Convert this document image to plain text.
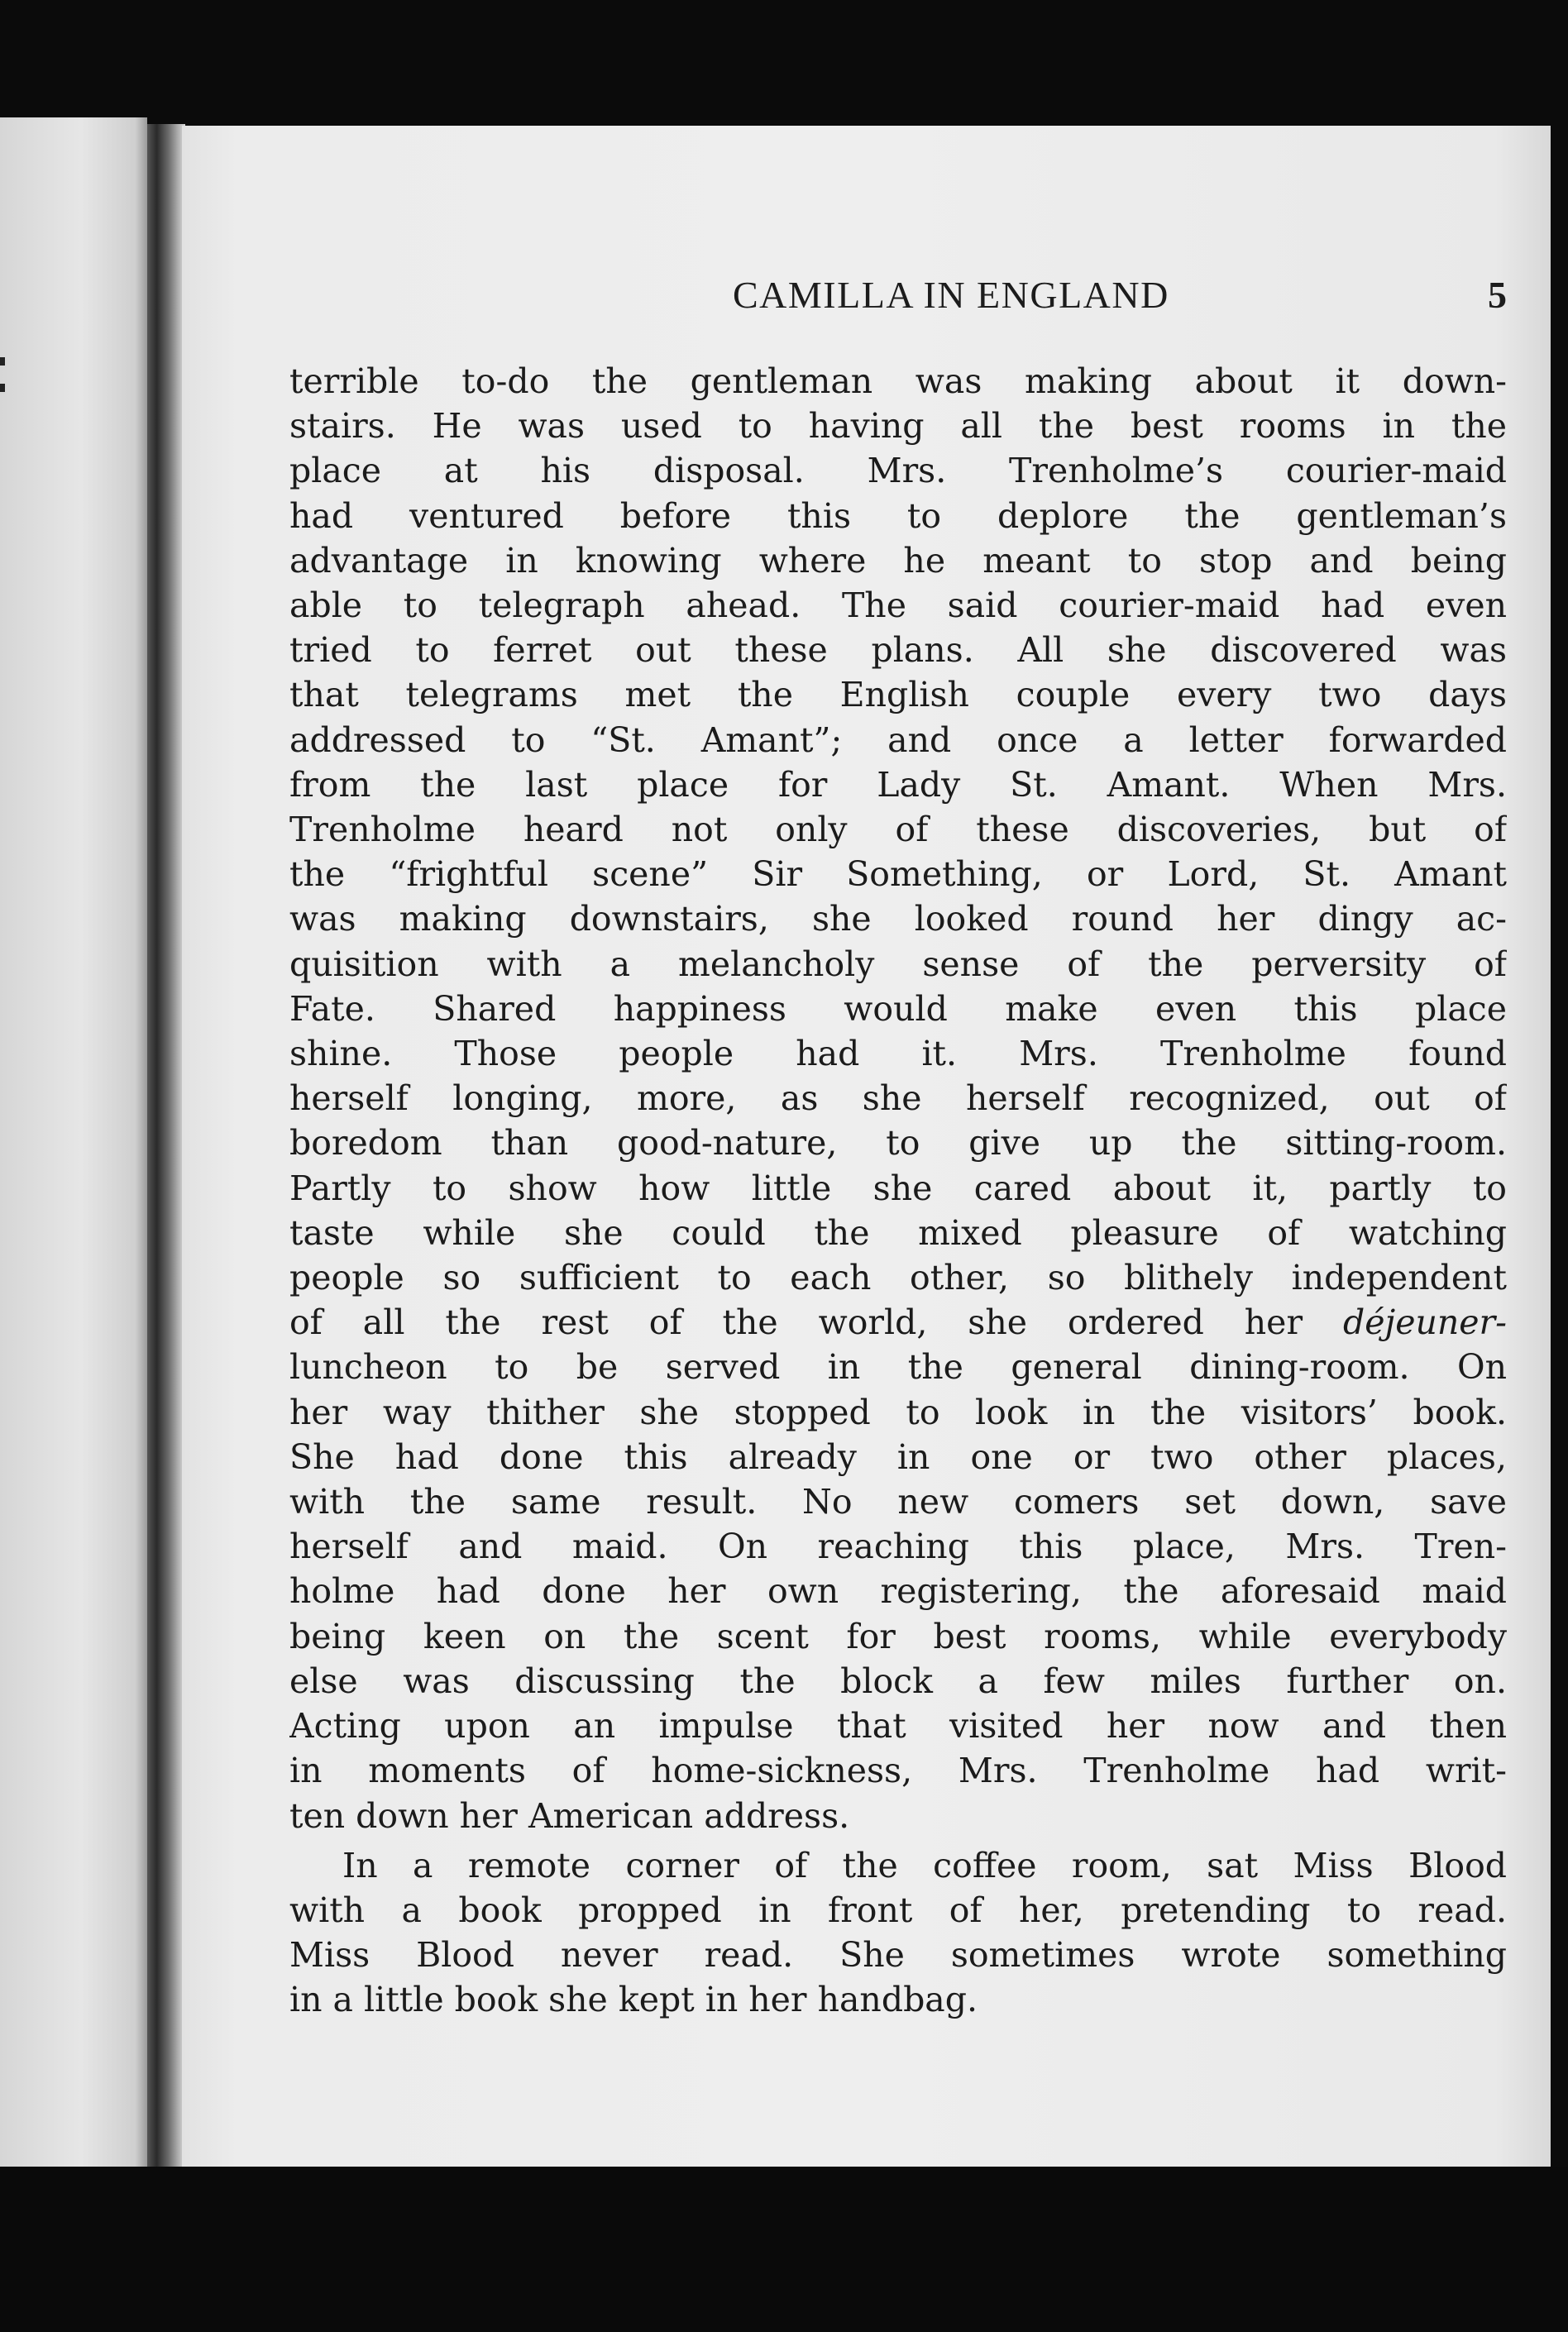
CAMILLA IN ENGLAND	5
terrible to-do the gentleman was making about it down-
stairs. He was used to having all the best rooms in the
place at his disposal. Mrs. Trenholme’s courier-maid
had ventured before this to deplore the gentleman’s
advantage in knowing where he meant to stop and being
able to telegraph ahead. The said courier-maid had even
tried to ferret out these plans. All she discovered was
that telegrams met the English couple every two days
addressed to “St. Amant”; and once a letter forwarded
from the last place for Lady St. Amant. When Mrs.
Trenholme heard not only of these discoveries, but of
the “frightful scene” Sir Something, or Lord, St. Amant
was making downstairs, she looked round her dingy ac-
quisition with a melancholy sense of the perversity of
Fate. Shared happiness would make even this place
shine. Those people had it. Mrs. Trenholme found
herself longing, more, as she herself recognized, out of
boredom than good-nature, to give up the sitting-room.
Partly to show how little she cared about it, partly to
taste while she could the mixed pleasure of watching
people so sufficient to each other, so blithely independent
of all the rest of the world, she ordered her déjeuner-
luncheon to be served in the general dining-room. On
her way thither she stopped to look in the visitors’ book.
She had done this already in one or two other places,
with the same result. No new comers set down, save
herself and maid. On reaching this place, Mrs. Tren-
holme had done her own registering, the aforesaid maid
being keen on the scent for best rooms, while everybody
else was discussing the block a few miles further on.
Acting upon an impulse that visited her now and then
in moments of home-sickness, Mrs. Trenholme had writ-
ten down her American address.
In a remote corner of the coffee room, sat Miss Blood
with a book propped in front of her, pretending to read.
Miss Blood never read. She sometimes wrote something
in a little book she kept in her handbag.
